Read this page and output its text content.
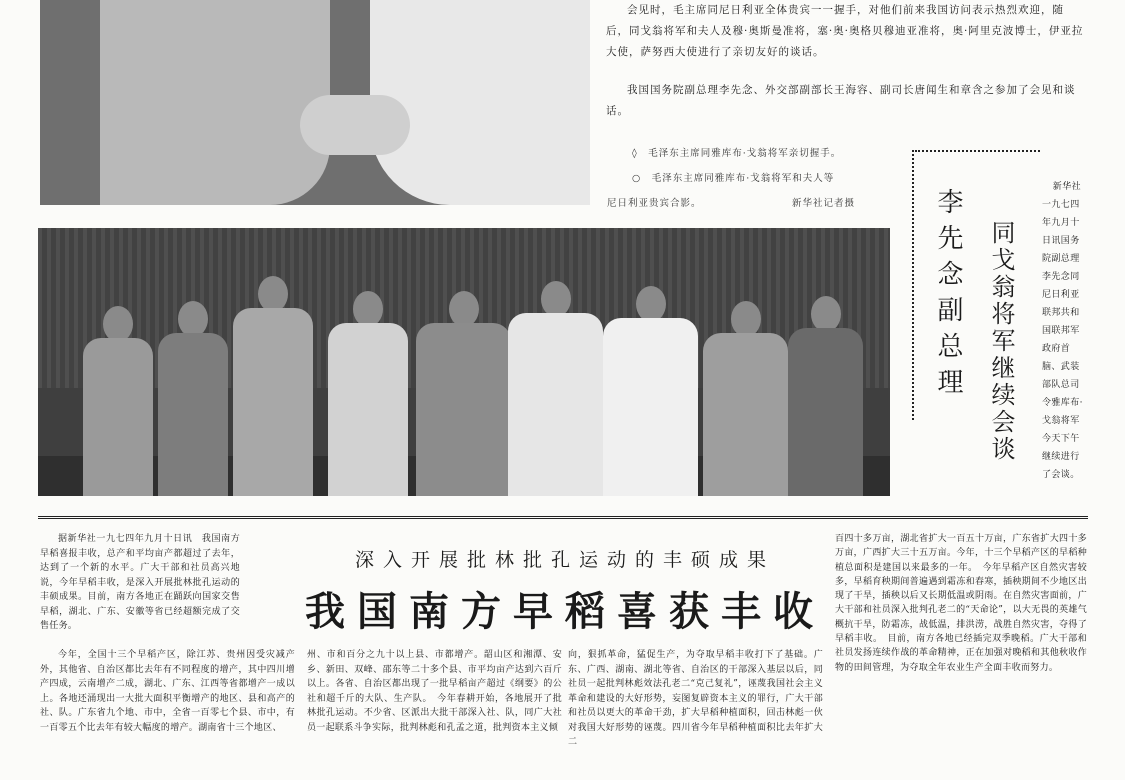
会见时，毛主席同尼日利亚全体贵宾一一握手，对他们前来我国访问表示热烈欢迎，随后，同戈翁将军和夫人及穆·奥斯曼准将，塞·奥·奥格贝穆迪亚准将，奥·阿里克波博士，伊亚拉大使，萨努西大使进行了亲切友好的谈话。
我国国务院副总理李先念、外交部副部长王海容、副司长唐闻生和章含之参加了会见和谈话。
◊　毛泽东主席同雅库布·戈翁将军亲切握手。
○　毛泽东主席同雅库布·戈翁将军和夫人等
尼日利亚贵宾合影。	新华社记者摄	李先念副总理 同戈翁将军继续会谈
新华社一九七四年九月十日讯国务院副总理李先念同尼日利亚联邦共和国联邦军政府首脑、武装部队总司令雅库布·戈翁将军今天下午继续进行了会谈。
据新华社一九七四年九月十日讯　我国南方早稻喜报丰收，总产和平均亩产都超过了去年，达到了一个新的水平。广大干部和社员高兴地说，今年早稻丰收，是深入开展批林批孔运动的丰硕成果。目前，南方各地正在踊跃向国家交售早稻，湖北、广东、安徽等省已经超额完成了交售任务。
深入开展批林批孔运动的丰硕成果
我国南方早稻喜获丰收
今年，全国十三个早稻产区，除江苏、贵州因受灾减产外，其他省、自治区都比去年有不同程度的增产，其中四川增产四成，云南增产二成，湖北、广东、江西等省都增产一成以上。各地还涌现出一大批大面积平衡增产的地区、县和高产的社、队。广东省九个地、市中，全省一百零七个县、市中，有一百零五个比去年有较大幅度的增产。湖南省十三个地区、
州、市和百分之九十以上县、市都增产。韶山区和湘潭、安乡、新田、双峰、邵东等二十多个县、市平均亩产达到六百斤以上。各省、自治区都出现了一批早稻亩产超过《纲要》的公社和超千斤的大队、生产队。　今年春耕开始，各地展开了批林批孔运动。不少省、区派出大批干部深入社、队，同广大社员一起联系斗争实际，批判林彪和孔孟之道，批判资本主义倾
向，狠抓革命，猛促生产，为夺取早稻丰收打下了基础。广东、广西、湖南、湖北等省、自治区的干部深入基层以后，同社员一起批判林彪效法孔老二“克己复礼”，诬蔑我国社会主义革命和建设的大好形势，妄图复辟资本主义的罪行，广大干部和社员以更大的革命干劲，扩大早稻种植面积，回击林彪一伙对我国大好形势的诬蔑。四川省今年早稻种植面积比去年扩大二
百四十多万亩，湖北省扩大一百五十万亩，广东省扩大四十多万亩，广西扩大三十五万亩。今年，十三个早稻产区的早稻种植总面积是建国以来最多的一年。　今年早稻产区自然灾害较多，早稻育秧期间普遍遇到霜冻和春寒，插秧期间不少地区出现了干旱，插秧以后又长期低温或阴雨。在自然灾害面前，广大干部和社员深入批判孔老二的“天命论”，以大无畏的英雄气概抗干旱，防霜冻，战低温，排洪涝，战胜自然灾害，夺得了早稻丰收。　目前，南方各地已经插完双季晚稻。广大干部和社员发扬连续作战的革命精神，正在加强对晚稻和其他秋收作物的田间管理，为夺取全年农业生产全面丰收而努力。
